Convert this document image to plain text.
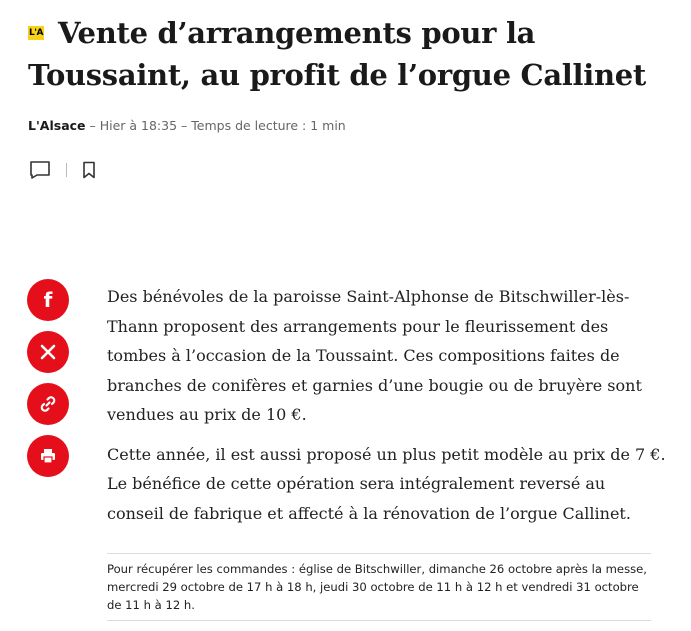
L'A Vente d’arrangements pour la Toussaint, au profit de l’orgue Callinet
L'Alsace – Hier à 18:35 – Temps de lecture : 1 min
f	Des bénévoles de la paroisse Saint-Alphonse de Bitschwiller-lès-Thann proposent des arrangements pour le fleurissement des tombes à l’occasion de la Toussaint. Ces compositions faites de branches de conifères et garnies d’une bougie ou de bruyère sont vendues au prix de 10 €.

Cette année, il est aussi proposé un plus petit modèle au prix de 7 €. Le bénéfice de cette opération sera intégralement reversé au conseil de fabrique et affecté à la rénovation de l’orgue Callinet.

Pour récupérer les commandes : église de Bitschwiller, dimanche 26 octobre après la messe, mercredi 29 octobre de 17 h à 18 h, jeudi 30 octobre de 11 h à 12 h et vendredi 31 octobre de 11 h à 12 h.
